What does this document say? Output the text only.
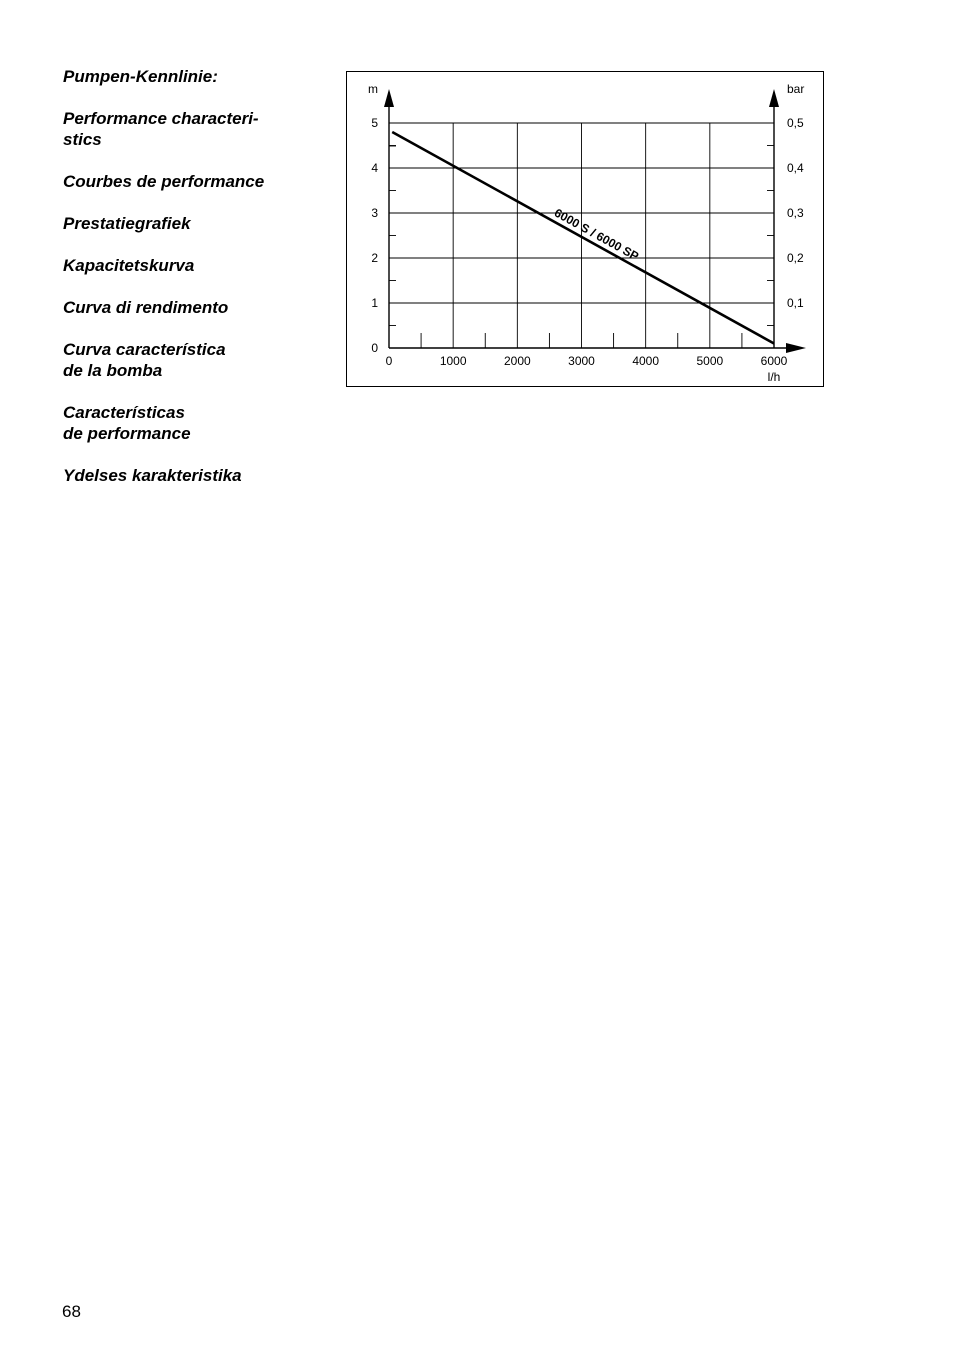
Pumpen-Kennlinie:
Performance characteri-
stics
Courbes de performance
Prestatiegrafiek
Kapacitetskurva
Curva di rendimento
Curva característica
de la bomba
Características
de performance
Ydelses karakteristika
0	1000	2000	3000	4000	5000	6000
0
1
2
3
4
5
0,1
0,2
0,3
0,4
0,5
m	bar
l/h
6000 S / 6000 SP
68
